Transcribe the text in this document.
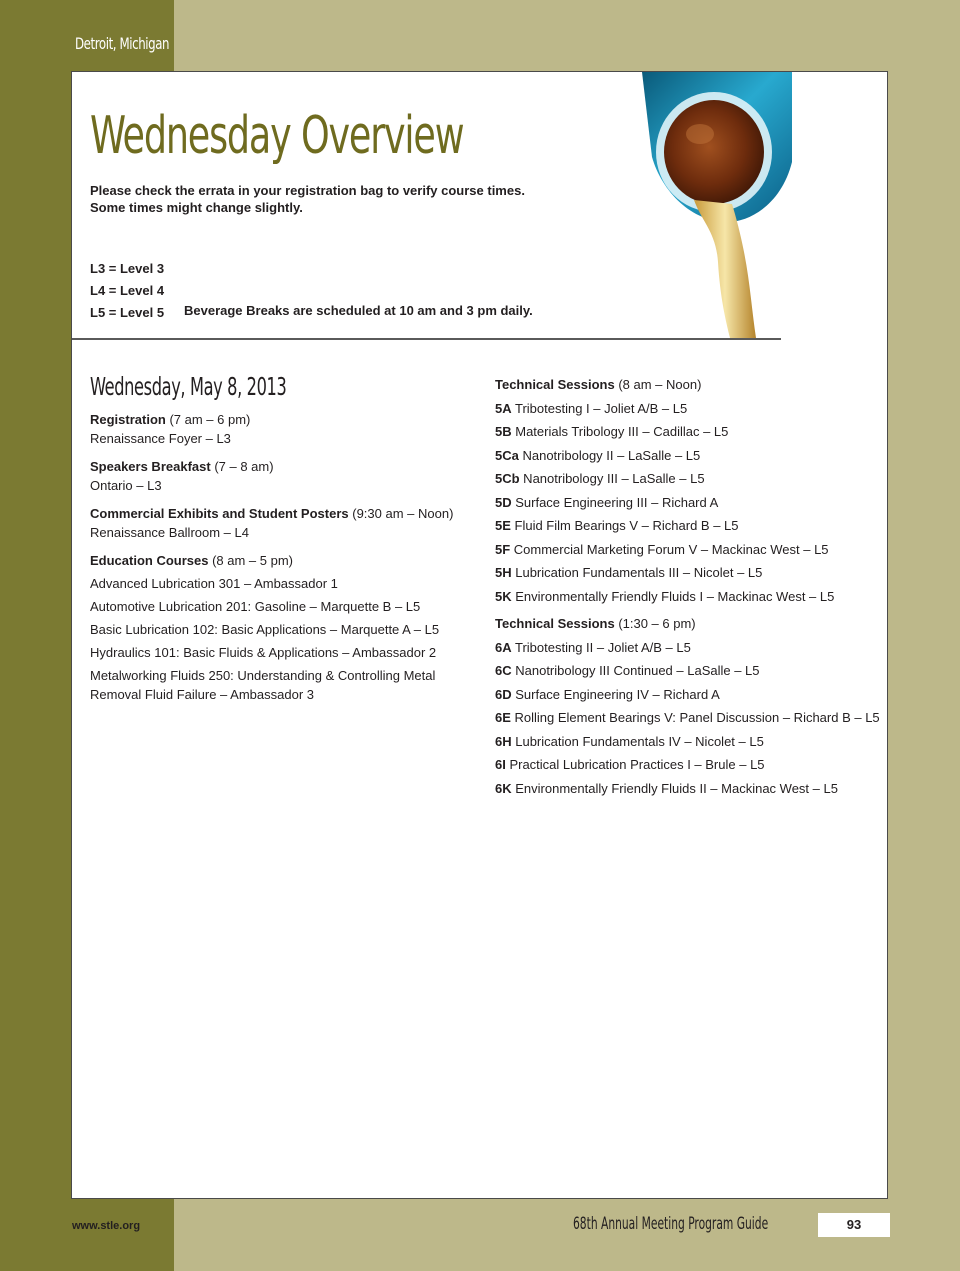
Detroit, Michigan
Wednesday Overview
Please check the errata in your registration bag to verify course times.
Some times might change slightly.
L3 = Level 3
L4 = Level 4
L5 = Level 5 Beverage Breaks are scheduled at 10 am and 3 pm daily.
Wednesday, May 8, 2013
Registration (7 am – 6 pm)
Renaissance Foyer – L3
Speakers Breakfast (7 – 8 am)
Ontario – L3
Commercial Exhibits and Student Posters (9:30 am – Noon)
Renaissance Ballroom – L4
Education Courses (8 am – 5 pm)
Advanced Lubrication 301 – Ambassador 1
Automotive Lubrication 201: Gasoline – Marquette B – L5
Basic Lubrication 102: Basic Applications – Marquette A – L5
Hydraulics 101: Basic Fluids & Applications – Ambassador 2
Metalworking Fluids 250: Understanding & Controlling Metal
Removal Fluid Failure – Ambassador 3
Technical Sessions (8 am – Noon)
5A Tribotesting I – Joliet A/B – L5
5B Materials Tribology III – Cadillac – L5
5Ca Nanotribology II – LaSalle – L5
5Cb Nanotribology III – LaSalle – L5
5D Surface Engineering III – Richard A
5E Fluid Film Bearings V – Richard B – L5
5F Commercial Marketing Forum V – Mackinac West – L5
5H Lubrication Fundamentals III – Nicolet – L5
5K Environmentally Friendly Fluids I – Mackinac West – L5
Technical Sessions (1:30 – 6 pm)
6A Tribotesting II – Joliet A/B – L5
6C Nanotribology III Continued – LaSalle – L5
6D Surface Engineering IV – Richard A
6E Rolling Element Bearings V: Panel Discussion – Richard B – L5
6H Lubrication Fundamentals IV – Nicolet – L5
6I Practical Lubrication Practices I – Brule – L5
6K Environmentally Friendly Fluids II – Mackinac West – L5
www.stle.org	68th Annual Meeting Program Guide	93
